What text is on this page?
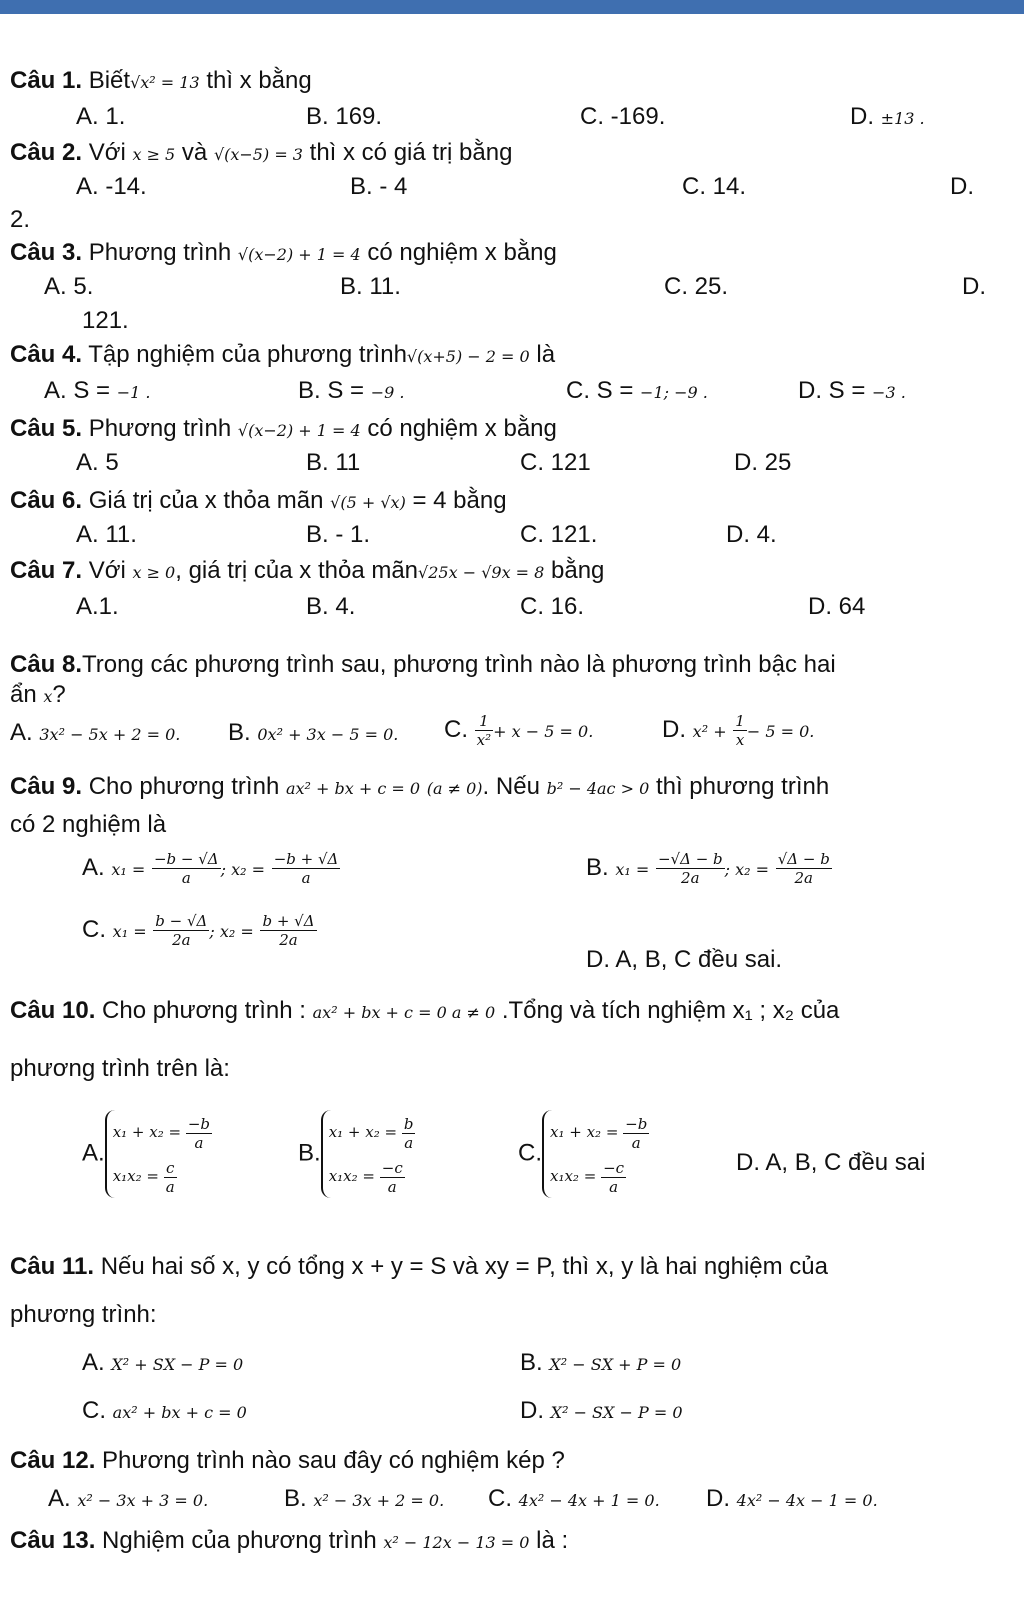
Câu 1. Biết√x² = 13 thì x bằng
A. 1.	B. 169.	C. -169.	D. ±13 .
Câu 2. Với x ≥ 5 và √(x−5) = 3 thì x có giá trị bằng
A. -14.	B. - 4	C. 14.	D.
2.
Câu 3. Phương trình √(x−2) + 1 = 4 có nghiệm x bằng
A. 5.	B. 11.	C. 25.	D.
121.
Câu 4. Tập nghiệm của phương trình√(x+5) − 2 = 0 là
A. S = −1 .	B. S = −9 .	C. S = −1; −9 .	D. S = −3 .
Câu 5. Phương trình √(x−2) + 1 = 4 có nghiệm x bằng
A. 5	B. 11	C. 121	D. 25
Câu 6. Giá trị của x thỏa mãn √(5 + √x) = 4 bằng
A. 11.	B. - 1.	C. 121.	D. 4.
Câu 7. Với x ≥ 0, giá trị của x thỏa mãn√25x − √9x = 8 bằng
A.1.	B. 4.	C. 16.	D. 64
Câu 8.Trong các phương trình sau, phương trình nào là phương trình bậc hai
ẩn x?
A. 3x² − 5x + 2 = 0. B. 0x² + 3x − 5 = 0. C. $\frac{1}{\text{x²}} + x - 5 = 0$.	D. $x^2 + \frac{1}{x} - 5 = 0$.
Câu 9. Cho phương trình ax² + bx + c = 0 (a ≠ 0). Nếu b² − 4ac > 0 thì phương trình
có 2 nghiệm là
A. $x_1 = \frac{-b - √\Delta}{a}$ ; $x_2 = \frac{-b + √\Delta}{a}$	B. $x_1 = \frac{-√\Delta - b}{2a}$ ; $x_2 = \frac{√\Delta - b}{2a}$
C. $x_1 = \frac{b - √\Delta}{2a}$ ; $x_2 = \frac{b + √\Delta}{2a}$
D. A, B, C đều sai.
Câu 10. Cho phương trình : ax² + bx + c = 0 a ≠ 0 .Tổng và tích nghiệm x₁ ; x₂ của
phương trình trên là:
A.
$x_1 + x_2 = \frac{-b}{a}$
$x_1x_2 = \frac{c}{a}$
B.
$x_1 + x_2 = \frac{b}{a}$
$x_1x_2 = \frac{-c}{a}$
C.
$x_1 + x_2 = \frac{-b}{a}$
$x_1x_2 = \frac{-c}{a}$	D. A, B, C đều sai
Câu 11. Nếu hai số x, y có tổng x + y = S và xy = P, thì x, y là hai nghiệm của
phương trình:
A. X² + SX − P = 0	B. X² − SX + P = 0
C. ax² + bx + c = 0	D. X² − SX − P = 0
Câu 12. Phương trình nào sau đây có nghiệm kép ?
A. x² − 3x + 3 = 0.	B. x² − 3x + 2 = 0. C. 4x² − 4x + 1 = 0. D. 4x² − 4x − 1 = 0.
Câu 13. Nghiệm của phương trình x² − 12x − 13 = 0 là :
